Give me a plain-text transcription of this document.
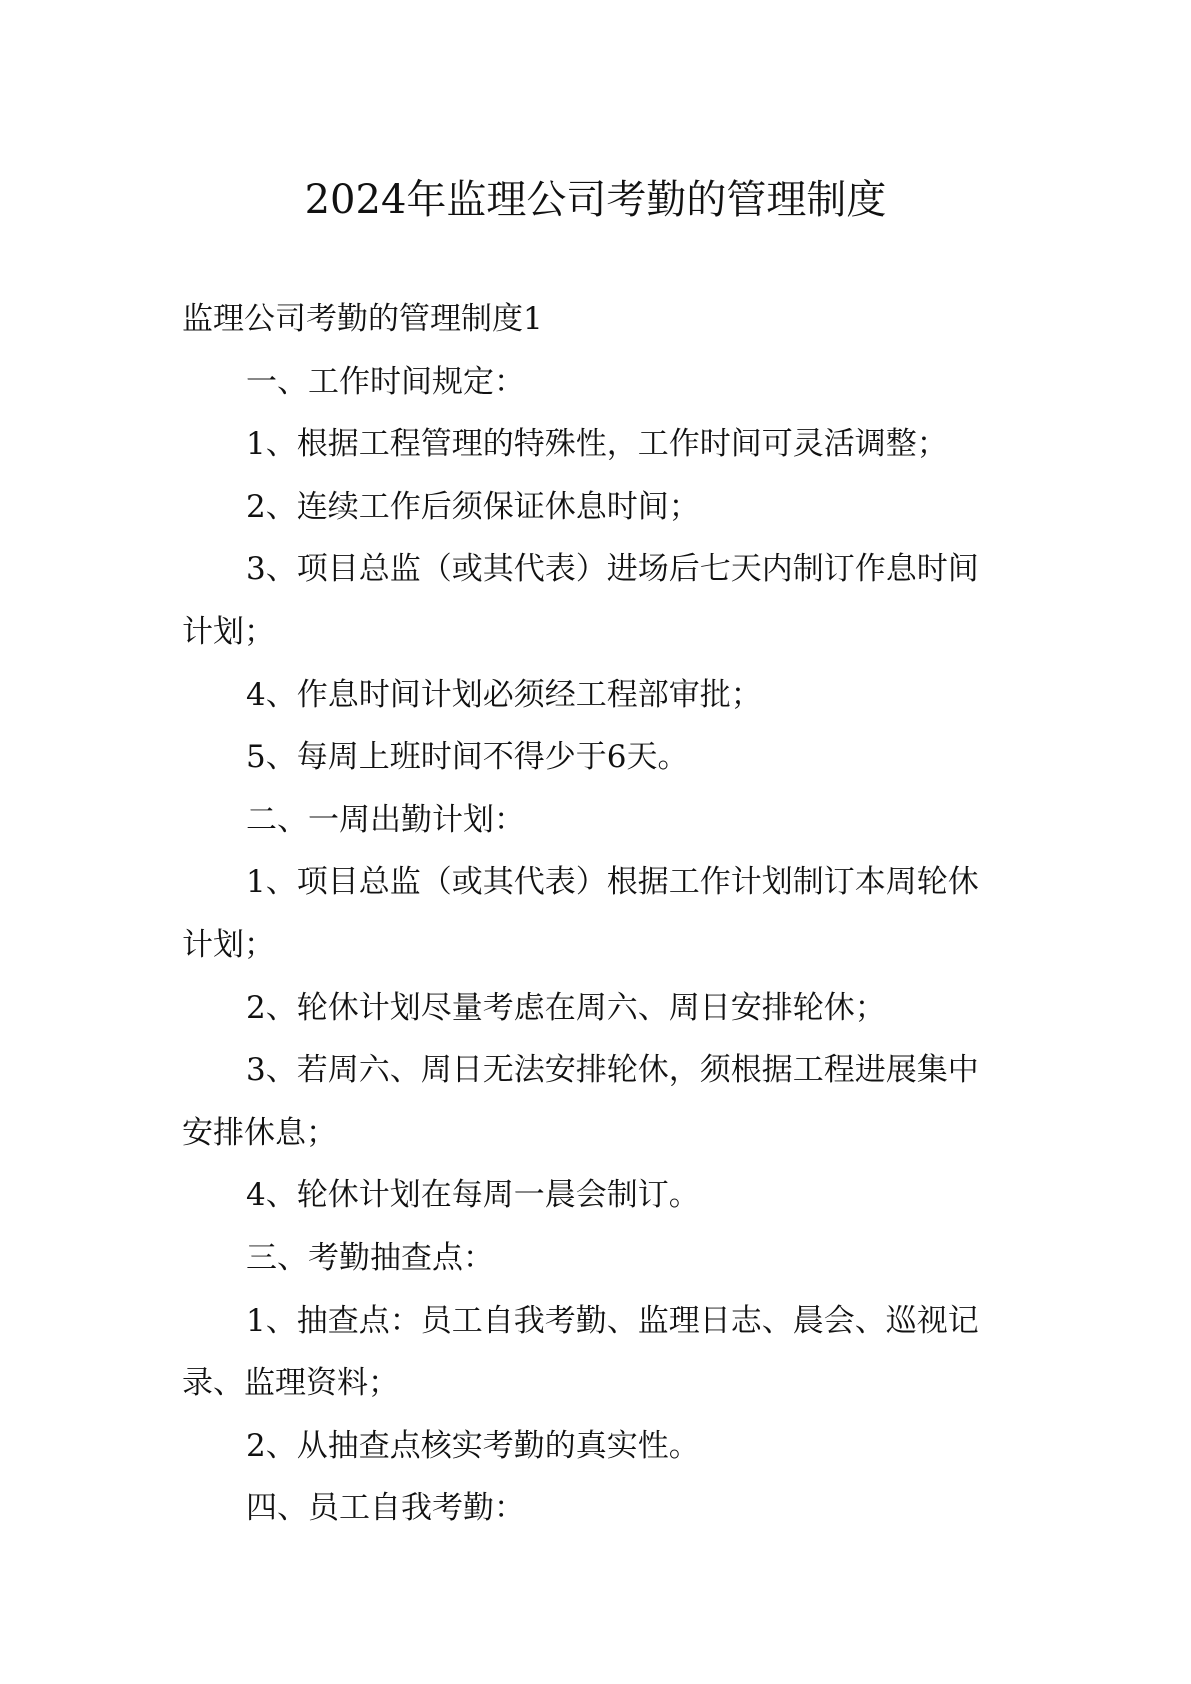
2024年监理公司考勤的管理制度

监理公司考勤的管理制度1

一、工作时间规定：

1、根据工程管理的特殊性，工作时间可灵活调整；

2、连续工作后须保证休息时间；

3、项目总监（或其代表）进场后七天内制订作息时间

计划；

4、作息时间计划必须经工程部审批；

5、每周上班时间不得少于6天。

二、一周出勤计划：

1、项目总监（或其代表）根据工作计划制订本周轮休

计划；

2、轮休计划尽量考虑在周六、周日安排轮休；

3、若周六、周日无法安排轮休，须根据工程进展集中

安排休息；

4、轮休计划在每周一晨会制订。

三、考勤抽查点：

1、抽查点：员工自我考勤、监理日志、晨会、巡视记

录、监理资料；

2、从抽查点核实考勤的真实性。

四、员工自我考勤：
